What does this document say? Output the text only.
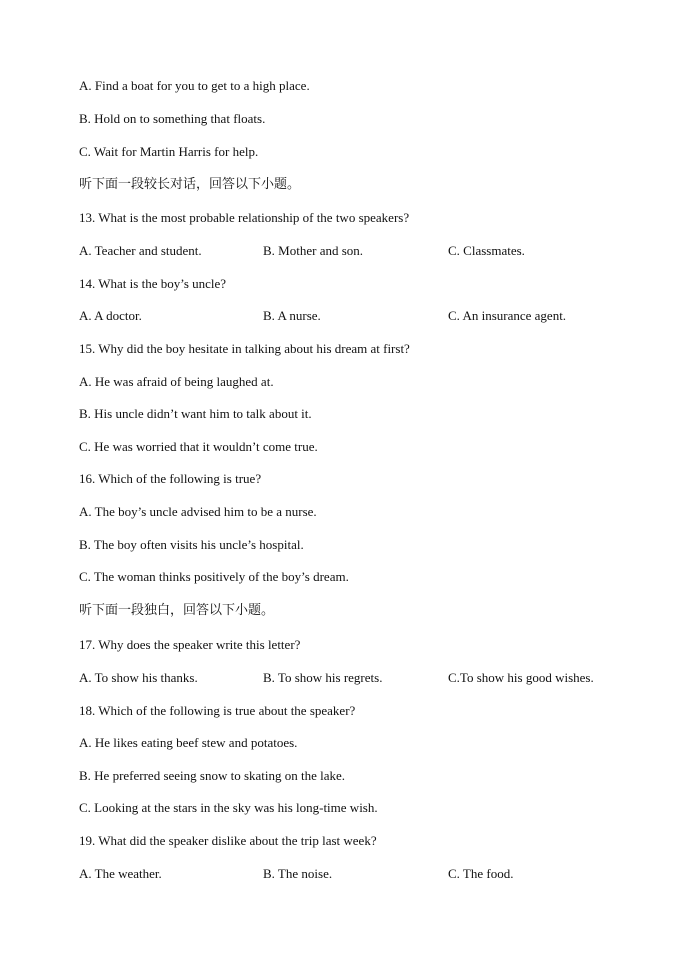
A. Find a boat for you to get to a high place.
B. Hold on to something that floats.
C. Wait for Martin Harris for help.
听下面一段较长对话，回答以下小题。
13. What is the most probable relationship of the two speakers?
A. Teacher and student.	B. Mother and son.	C. Classmates.
14. What is the boy’s uncle?
A. A doctor.	B. A nurse.	C. An insurance agent.
15. Why did the boy hesitate in talking about his dream at first?
A. He was afraid of being laughed at.
B. His uncle didn’t want him to talk about it.
C. He was worried that it wouldn’t come true.
16. Which of the following is true?
A. The boy’s uncle advised him to be a nurse.
B. The boy often visits his uncle’s hospital.
C. The woman thinks positively of the boy’s dream.
听下面一段独白，回答以下小题。
17. Why does the speaker write this letter?
A. To show his thanks.	B. To show his regrets.	C.To show his good wishes.
18. Which of the following is true about the speaker?
A. He likes eating beef stew and potatoes.
B. He preferred seeing snow to skating on the lake.
C. Looking at the stars in the sky was his long-time wish.
19. What did the speaker dislike about the trip last week?
A. The weather.	B. The noise.	C. The food.
